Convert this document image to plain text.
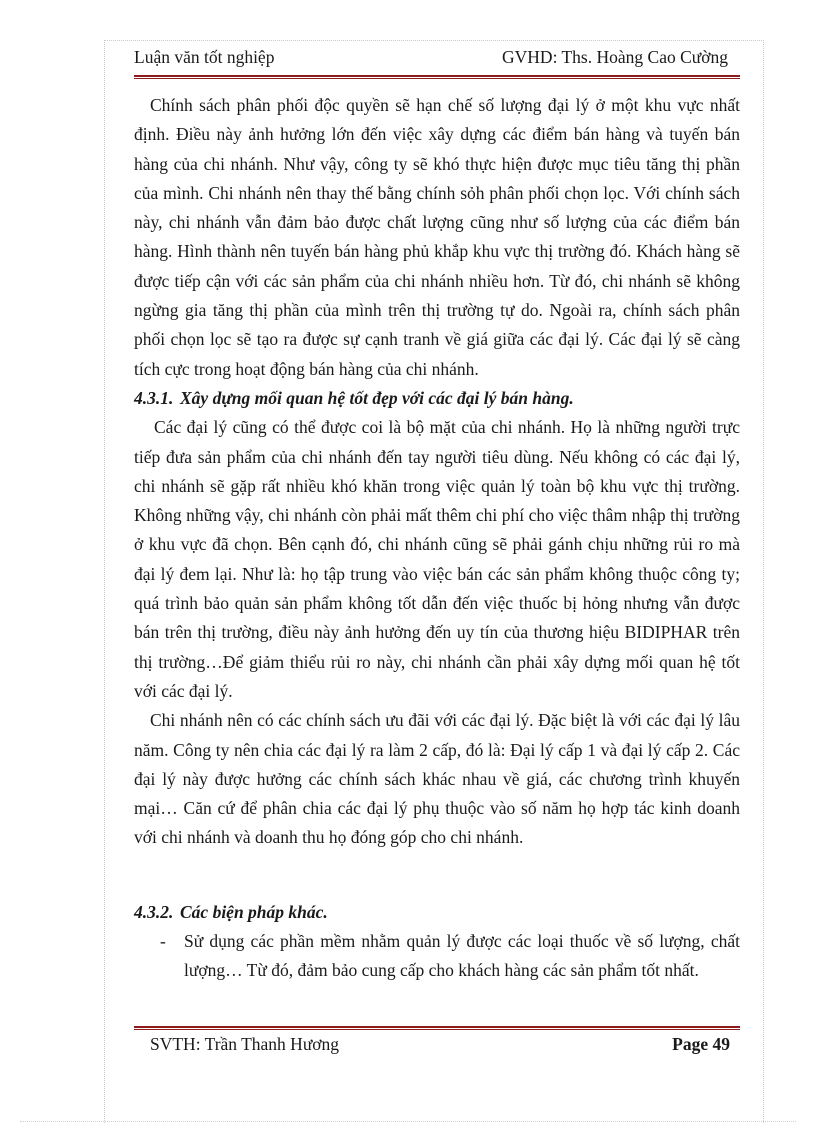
Luận văn tốt nghiệp	GVHD: Ths. Hoàng Cao Cường

Chính sách phân phối độc quyền sẽ hạn chế số lượng đại lý ở một khu vực nhất định. Điều này ảnh hưởng lớn đến việc xây dựng các điểm bán hàng và tuyến bán hàng của chi nhánh. Như vậy, công ty sẽ khó thực hiện được mục tiêu tăng thị phần của mình. Chi nhánh nên thay thế bằng chính sỏh phân phối chọn lọc. Với chính sách này, chi nhánh vẫn đảm bảo được chất lượng cũng như số lượng của các điểm bán hàng. Hình thành nên tuyến bán hàng phủ khắp khu vực thị trường đó. Khách hàng sẽ được tiếp cận với các sản phẩm của chi nhánh nhiều hơn. Từ đó, chi nhánh sẽ không ngừng gia tăng thị phần của mình trên thị trường tự do. Ngoài ra, chính sách phân phối chọn lọc sẽ tạo ra được sự cạnh tranh về giá giữa các đại lý. Các đại lý sẽ càng tích cực trong hoạt động bán hàng của chi nhánh.

4.3.1. Xây dựng mối quan hệ tốt đẹp với các đại lý bán hàng.

Các đại lý cũng có thể được coi là bộ mặt của chi nhánh. Họ là những người trực tiếp đưa sản phẩm của chi nhánh đến tay người tiêu dùng. Nếu không có các đại lý, chi nhánh sẽ gặp rất nhiều khó khăn trong việc quản lý toàn bộ khu vực thị trường. Không những vậy, chi nhánh còn phải mất thêm chi phí cho việc thâm nhập thị trường ở khu vực đã chọn. Bên cạnh đó, chi nhánh cũng sẽ phải gánh chịu những rủi ro mà đại lý đem lại. Như là: họ tập trung vào việc bán các sản phẩm không thuộc công ty; quá trình bảo quản sản phẩm không tốt dẫn đến việc thuốc bị hỏng nhưng vẫn được bán trên thị trường, điều này ảnh hưởng đến uy tín của thương hiệu BIDIPHAR trên thị trường…Để giảm thiểu rủi ro này, chi nhánh cần phải xây dựng mối quan hệ tốt với các đại lý.

Chi nhánh nên có các chính sách ưu đãi với các đại lý. Đặc biệt là với các đại lý lâu năm. Công ty nên chia các đại lý ra làm 2 cấp, đó là: Đại lý cấp 1 và đại lý cấp 2. Các đại lý này được hưởng các chính sách khác nhau về giá, các chương trình khuyến mại… Căn cứ để phân chia các đại lý phụ thuộc vào số năm họ hợp tác kinh doanh với chi nhánh và doanh thu họ đóng góp cho chi nhánh.

4.3.2. Các biện pháp khác.

-	Sử dụng các phần mềm nhằm quản lý được các loại thuốc về số lượng, chất lượng… Từ đó, đảm bảo cung cấp cho khách hàng các sản phẩm tốt nhất.
SVTH: Trần Thanh Hương	Page 49
